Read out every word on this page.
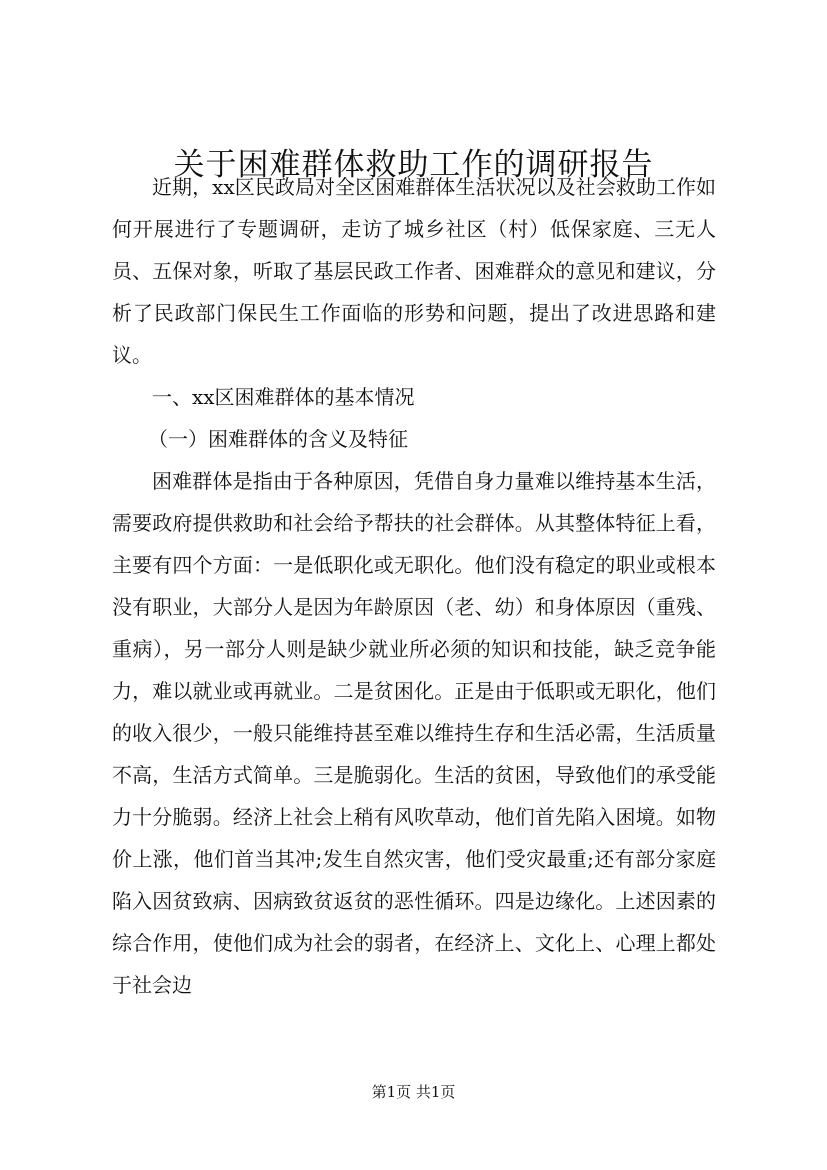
关于困难群体救助工作的调研报告

近期，xx区民政局对全区困难群体生活状况以及社会救助工作如何开展进行了专题调研，走访了城乡社区（村）低保家庭、三无人员、五保对象，听取了基层民政工作者、困难群众的意见和建议，分析了民政部门保民生工作面临的形势和问题，提出了改进思路和建议。

一、xx区困难群体的基本情况

（一）困难群体的含义及特征

困难群体是指由于各种原因，凭借自身力量难以维持基本生活，需要政府提供救助和社会给予帮扶的社会群体。从其整体特征上看，主要有四个方面：一是低职化或无职化。他们没有稳定的职业或根本没有职业，大部分人是因为年龄原因（老、幼）和身体原因（重残、重病），另一部分人则是缺少就业所必须的知识和技能，缺乏竞争能力，难以就业或再就业。二是贫困化。正是由于低职或无职化，他们的收入很少，一般只能维持甚至难以维持生存和生活必需，生活质量不高，生活方式简单。三是脆弱化。生活的贫困，导致他们的承受能力十分脆弱。经济上社会上稍有风吹草动，他们首先陷入困境。如物价上涨，他们首当其冲;发生自然灾害，他们受灾最重;还有部分家庭陷入因贫致病、因病致贫返贫的恶性循环。四是边缘化。上述因素的综合作用，使他们成为社会的弱者，在经济上、文化上、心理上都处于社会边

第1页 共1页
